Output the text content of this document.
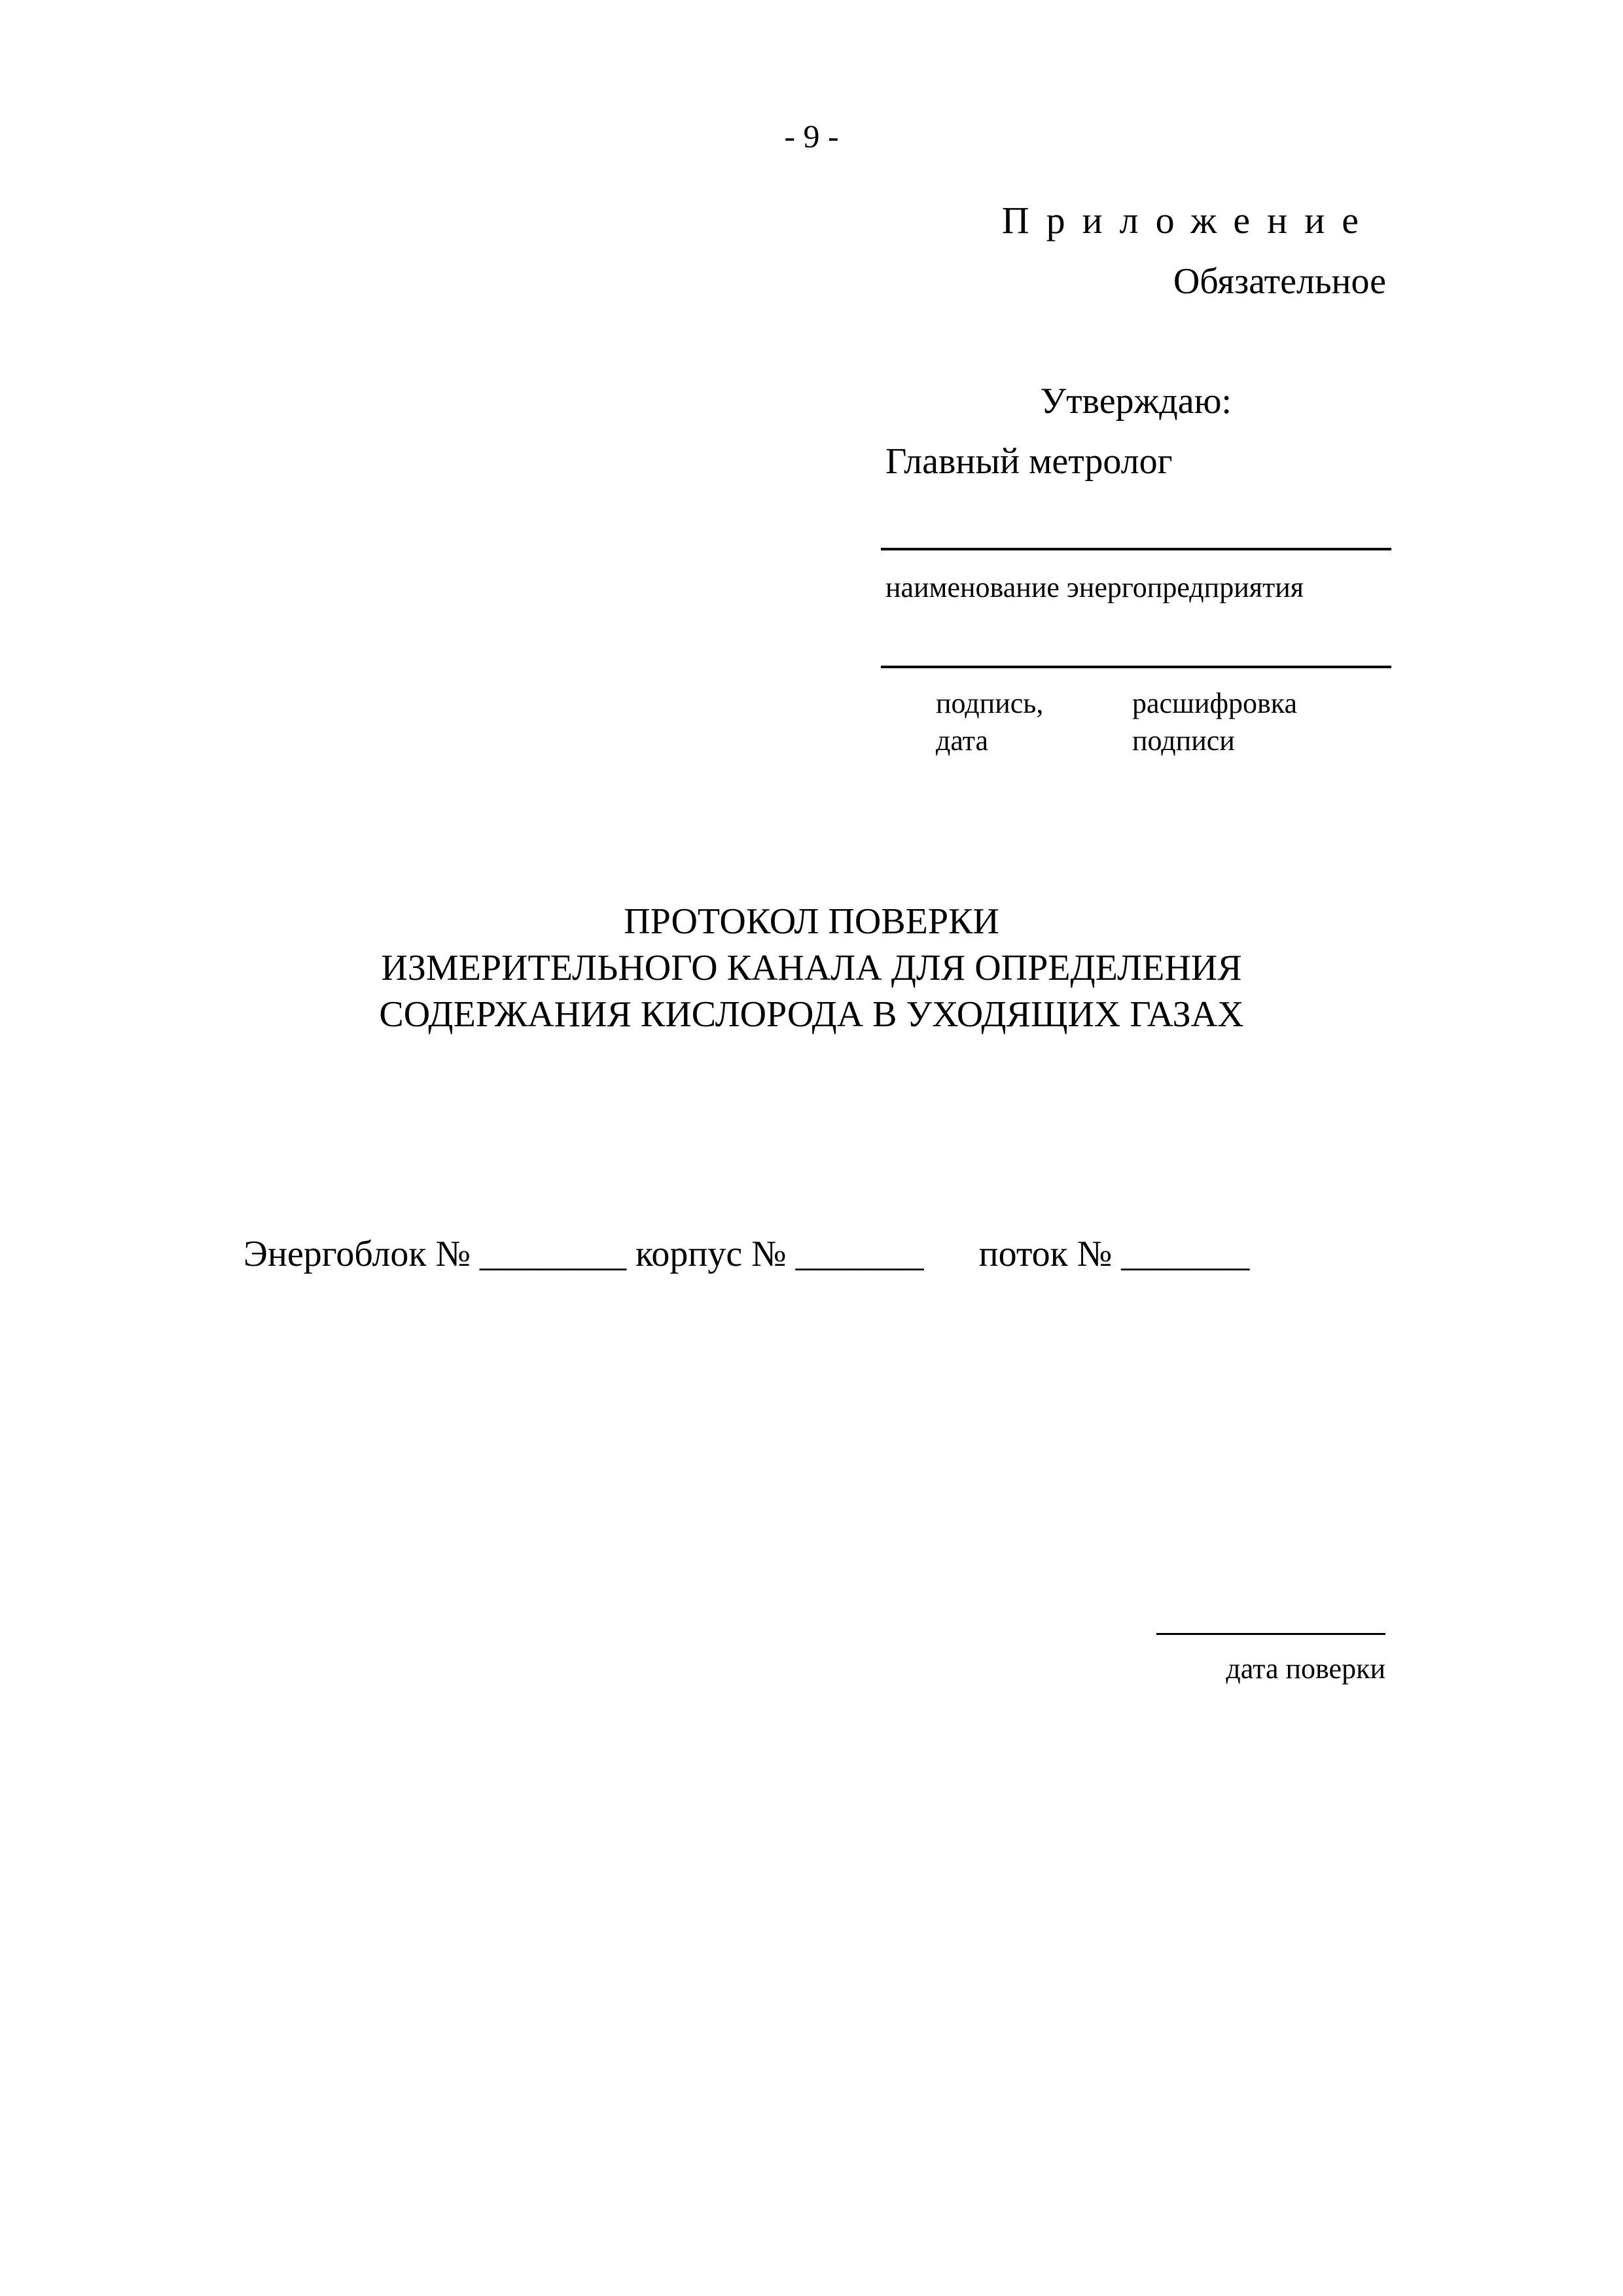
- 9 -
Приложение
Обязательное
Утверждаю:
Главный метролог
наименование энергопредприятия
подпись,
дата
расшифровка
подписи
ПРОТОКОЛ ПОВЕРКИ
ИЗМЕРИТЕЛЬНОГО КАНАЛА ДЛЯ ОПРЕДЕЛЕНИЯ
СОДЕРЖАНИЯ КИСЛОРОДА В УХОДЯЩИХ ГАЗАХ
Энергоблок № ________ корпус № _______      поток № _______
дата поверки
